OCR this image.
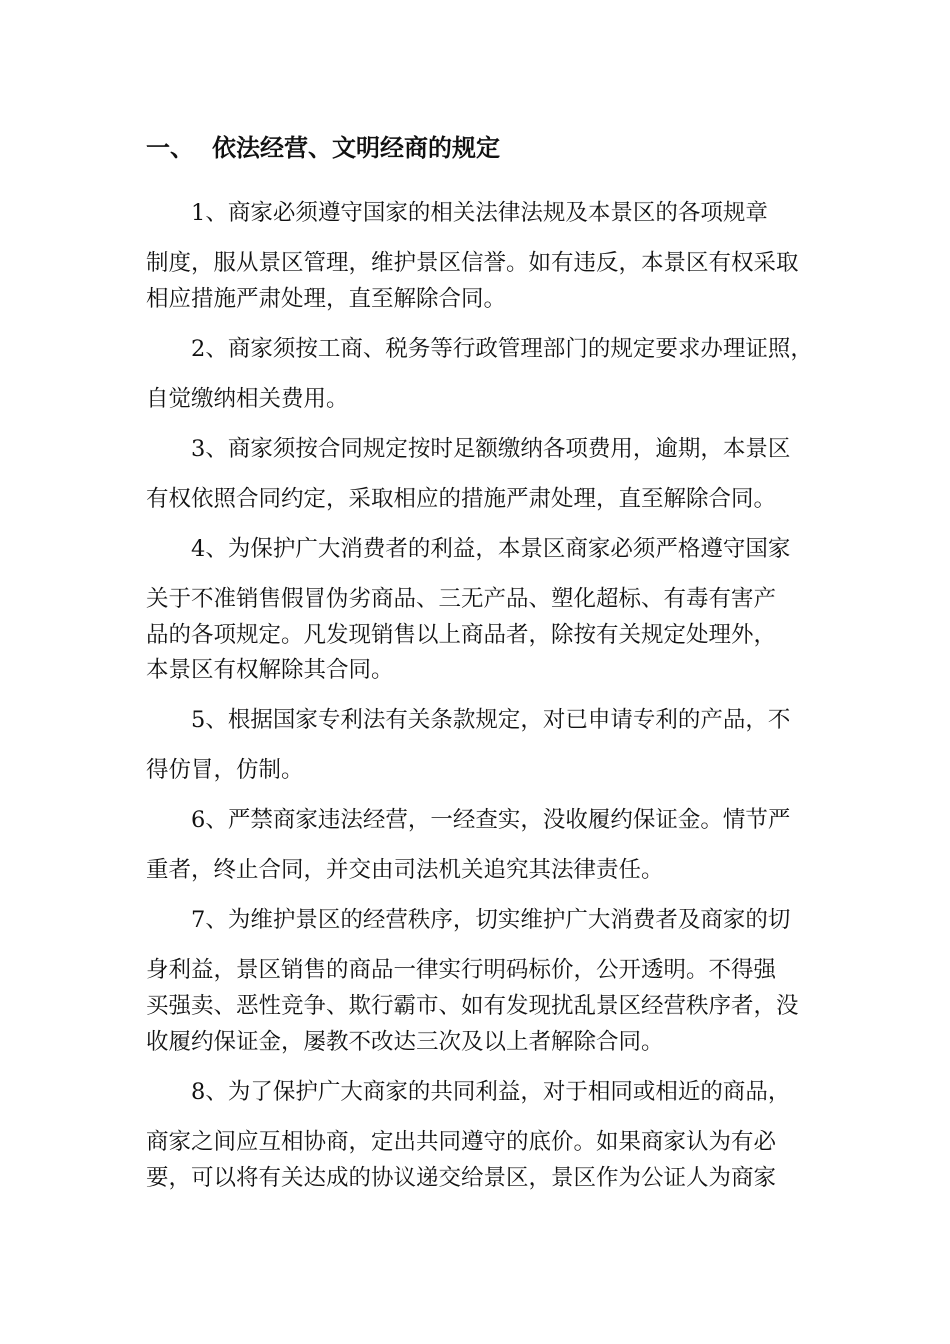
一、 依法经营、文明经商的规定
1、商家必须遵守国家的相关法律法规及本景区的各项规章
制度，服从景区管理，维护景区信誉。如有违反，本景区有权采取
相应措施严肃处理，直至解除合同。
2、商家须按工商、税务等行政管理部门的规定要求办理证照，
自觉缴纳相关费用。
3、商家须按合同规定按时足额缴纳各项费用，逾期，本景区
有权依照合同约定，采取相应的措施严肃处理，直至解除合同。
4、为保护广大消费者的利益，本景区商家必须严格遵守国家
关于不准销售假冒伪劣商品、三无产品、塑化超标、有毒有害产
品的各项规定。凡发现销售以上商品者，除按有关规定处理外，
本景区有权解除其合同。
5、根据国家专利法有关条款规定，对已申请专利的产品，不
得仿冒，仿制。
6、严禁商家违法经营，一经查实，没收履约保证金。情节严
重者，终止合同，并交由司法机关追究其法律责任。
7、为维护景区的经营秩序，切实维护广大消费者及商家的切
身利益，景区销售的商品一律实行明码标价，公开透明。不得强
买强卖、恶性竞争、欺行霸市、如有发现扰乱景区经营秩序者，没
收履约保证金，屡教不改达三次及以上者解除合同。
8、为了保护广大商家的共同利益，对于相同或相近的商品，
商家之间应互相协商，定出共同遵守的底价。如果商家认为有必
要，可以将有关达成的协议递交给景区，景区作为公证人为商家
